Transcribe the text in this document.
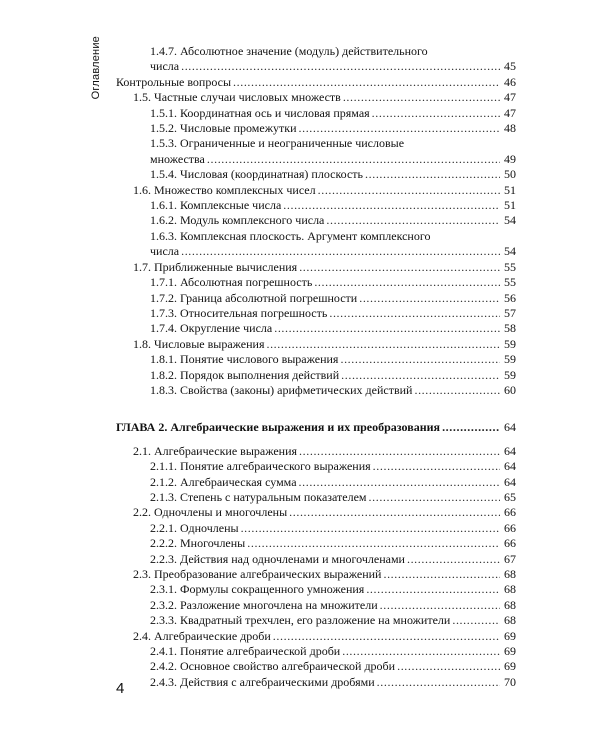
Оглавление	1.4.7. Абсолютное значение (модуль) действительного
числа . . .	45
Контрольные вопросы . . .	46
1.5. Частные случаи числовых множеств . . .	47
1.5.1. Координатная ось и числовая прямая . . .	47
1.5.2. Числовые промежутки . . .	48
1.5.3. Ограниченные и неограниченные числовые
множества . . .	49
1.5.4. Числовая (координатная) плоскость . . .	50
1.6. Множество комплексных чисел . . .	51
1.6.1. Комплексные числа . . .	51
1.6.2. Модуль комплексного числа . . .	54
1.6.3. Комплексная плоскость. Аргумент комплексного
числа . . .	54
1.7. Приближенные вычисления . . .	55
1.7.1. Абсолютная погрешность . . .	55
1.7.2. Граница абсолютной погрешности . . .	56
1.7.3. Относительная погрешность . . .	57
1.7.4. Округление числа . . .	58
1.8. Числовые выражения . . .	59
1.8.1. Понятие числового выражения . . .	59
1.8.2. Порядок выполнения действий . . .	59
1.8.3. Свойства (законы) арифметических действий . . .	60
ГЛАВА 2. Алгебраические выражения и их преобразования . . .	64
2.1. Алгебраические выражения . . .	64
2.1.1. Понятие алгебраического выражения . . .	64
2.1.2. Алгебраическая сумма . . .	64
2.1.3. Степень с натуральным показателем . . .	65
2.2. Одночлены и многочлены . . .	66
2.2.1. Одночлены . . .	66
2.2.2. Многочлены . . .	66
2.2.3. Действия над одночленами и многочленами . . .	67
2.3. Преобразование алгебраических выражений . . .	68
2.3.1. Формулы сокращенного умножения . . .	68
2.3.2. Разложение многочлена на множители . . .	68
2.3.3. Квадратный трехчлен, его разложение на множители . . .	68
2.4. Алгебраические дроби . . .	69
2.4.1. Понятие алгебраической дроби . . .	69
2.4.2. Основное свойство алгебраической дроби . . .	69
2.4.3. Действия с алгебраическими дробями . . .	70
4
